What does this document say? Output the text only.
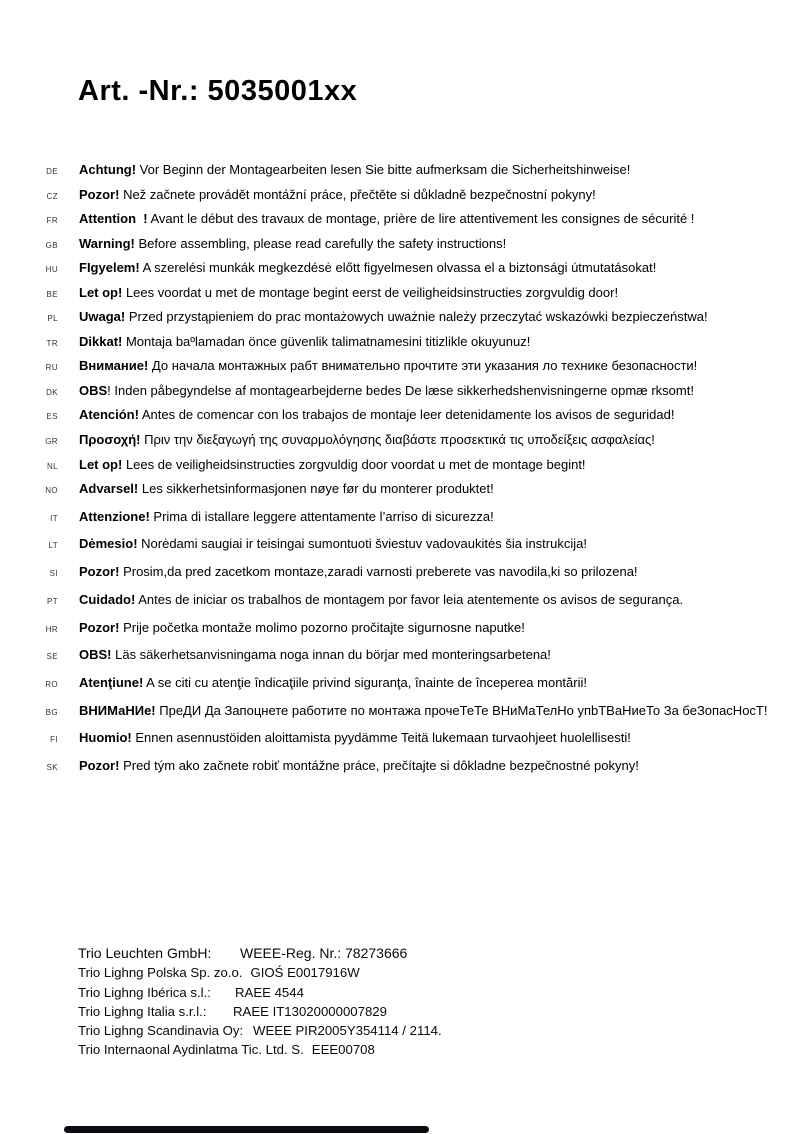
Art. -Nr.: 5035001xx
DE Achtung! Vor Beginn der Montagearbeiten lesen Sie bitte aufmerksam die Sicherheitshinweise!
CZ Pozor! Než začnete provádět montážní práce, přečtěte si důkladně bezpečnostní pokyny!
FR Attention  ! Avant le début des travaux de montage, prière de lire attentivement les consignes de sécurité !
GB Warning! Before assembling, please read carefully the safety instructions!
HU FIgyelem! A szerelési munkák megkezdésė előtt figyelmesen olvassa el a biztonsági útmutatásokat!
BE Let op! Lees voordat u met de montage begint eerst de veiligheidsinstructies zorgvuldig door!
PL Uwaga! Przed przystąpieniem do prac montażowych uważnie należy przeczytać wskazówki bezpieczeństwa!
TR Dikkat! Montaja baºlamadan önce güvenlik talimatnamesini titizlikle okuyunuz!
RU Внимание! До начала монтажных рабт внимательно прочтите эти указания ло технике безопасности!
DK OBS! Inden påbegyndelse af montagearbejderne bedes De læse sikkerhedshenvisningerne opmæ rksomt!
ES Atención! Antes de comencar con los trabajos de montaje leer detenidamente los avisos de seguridad!
GR Προσοχή! Πριν την διεξαγωγή της συναρμολόγησης διαβάστε προσεκτικά τις υποδείξεις ασφαλείας!
NL Let op! Lees de veiligheidsinstructies zorgvuldig door voordat u met de montage begint!
NO Advarsel! Les sikkerhetsinformasjonen nøye før du monterer produktet!
IT Attenzione! Prima di istallare leggere attentamente l’arriso di sicurezza!
LT Dėmesio! Norėdami saugiai ir teisingai sumontuoti šviestuv vadovaukitės šia instrukcija!
SI Pozor! Prosim,da pred zacetkom montaze,zaradi varnosti preberete vas navodila,ki so prilozena!
PT Cuidado! Antes de iniciar os trabalhos de montagem por favor leia atentemente os avisos de segurança.
HR Pozor! Prije početka montaže molimo pozorno pročitajte sigurnosne naputke!
SE OBS! Läs säkerhetsanvisningama noga innan du börjar med monteringsarbetena!
RO Atenţiune! A se citi cu atenţie îndicaţiile privind siguranţa, înainte de începerea montării!
BG ВНИМаНИе! ПреДИ Да Запоцнете работите по монтажа прочеТеТе ВНиМаТелНо упbТВаНиеТо За беЗопасНосТ!
FI Huomio! Ennen asennustöiden aloittamista pyydämme Teitä lukemaan turvaohjeet huolellisesti!
SK Pozor! Pred tým ako začnete robiť montážne práce, prečítajte si dôkladne bezpečnostné pokyny!
Trio Leuchten GmbH:	WEEE-Reg. Nr.: 78273666
Trio Lighng Polska Sp. zo.o. GIOŚ E0017916W
Trio Lighng Ibérica s.l.:	RAEE 4544
Trio Lighng Italia s.r.l.:	RAEE IT13020000007829
Trio Lighng Scandinavia Oy: WEEE PIR2005Y354114 / 2114.
Trio Internaonal Aydinlatma Tic. Ltd. S. EEE00708
